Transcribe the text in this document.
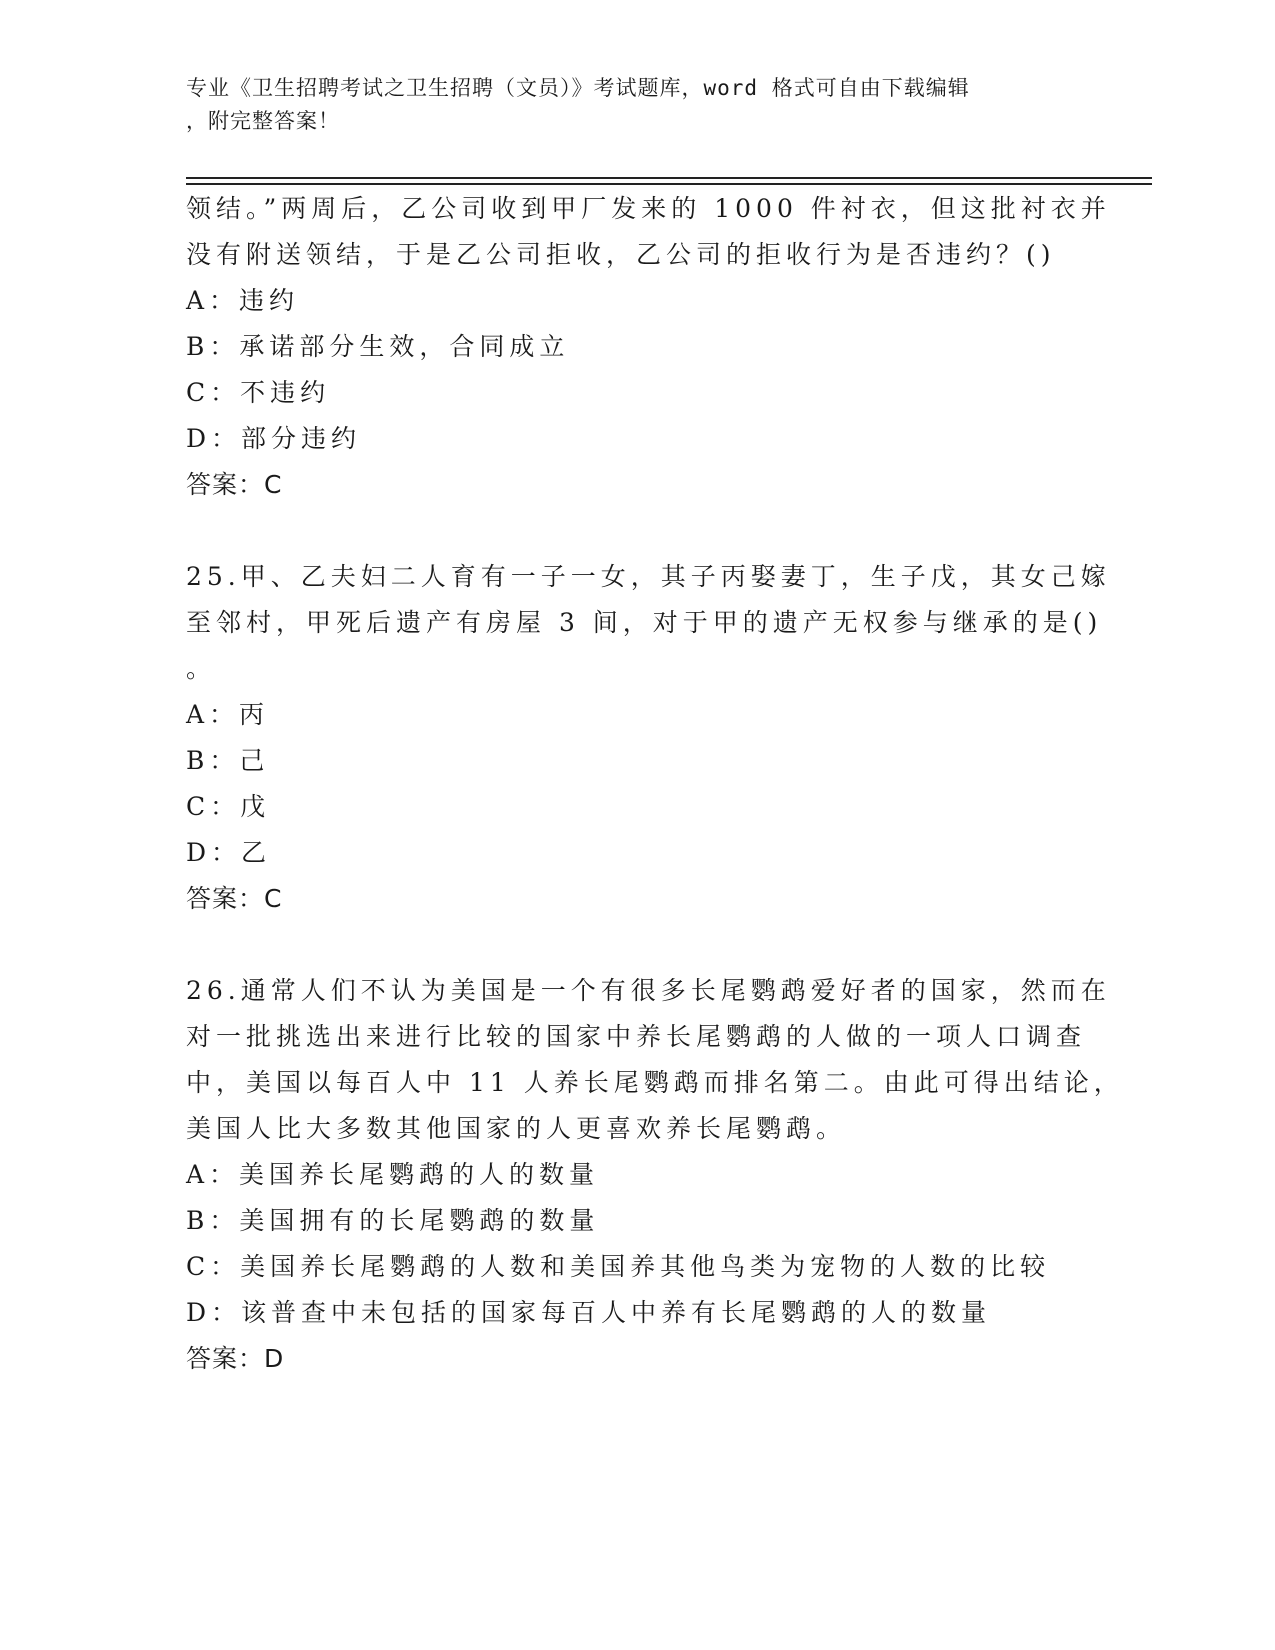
专业《卫生招聘考试之卫生招聘（文员）》考试题库，word 格式可自由下载编辑
，附完整答案！
领结。”两周后，乙公司收到甲厂发来的 1000 件衬衣，但这批衬衣并
没有附送领结，于是乙公司拒收，乙公司的拒收行为是否违约？()
A：违约
B：承诺部分生效，合同成立
C：不违约
D：部分违约
答案：C
25.甲、乙夫妇二人育有一子一女，其子丙娶妻丁，生子戊，其女己嫁
至邻村，甲死后遗产有房屋 3 间，对于甲的遗产无权参与继承的是()
。
A：丙
B：己
C：戊
D：乙
答案：C
26.通常人们不认为美国是一个有很多长尾鹦鹉爱好者的国家，然而在
对一批挑选出来进行比较的国家中养长尾鹦鹉的人做的一项人口调查
中，美国以每百人中 11 人养长尾鹦鹉而排名第二。由此可得出结论，
美国人比大多数其他国家的人更喜欢养长尾鹦鹉。
A：美国养长尾鹦鹉的人的数量
B：美国拥有的长尾鹦鹉的数量
C：美国养长尾鹦鹉的人数和美国养其他鸟类为宠物的人数的比较
D：该普查中未包括的国家每百人中养有长尾鹦鹉的人的数量
答案：D
